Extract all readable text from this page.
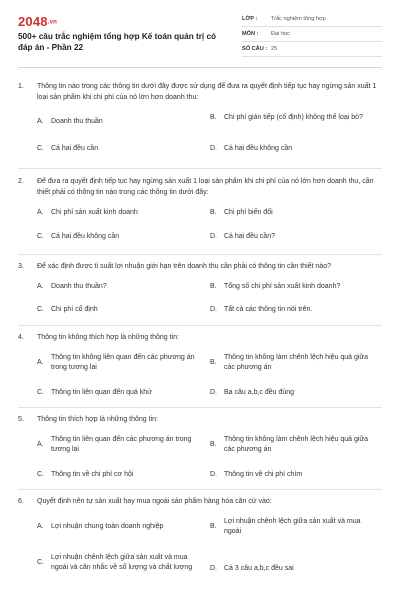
2048.vn
500+ câu trắc nghiệm tổng hợp Kế toán quản trị có đáp án - Phần 22
LỚP :	Trắc nghiệm tổng hợp
MÔN :	Đại học
SỐ CÂU : 25
1. Thông tin nào trong các thông tin dưới đây được sử dụng để đưa ra quyết định tiếp tục hay ngừng sản xuất 1 loại sản phẩm khi chi phí của nó lớn hơn doanh thu:
A.	Doanh thu thuần
B.	Chi phí gián tiếp (cố định) không thể loại bỏ?
C.	Cả hai đều cần	D.	Cả hai đều không cần
2. Để đưa ra quyết định tiếp tục hay ngừng sản xuất 1 loại sản phẩm khi chi phí của nó lớn hơn doanh thu, cần thiết phải có thông tin nào trong các thông tin dưới đây:
A.	Chi phí sản xuất kinh doanh	B.	Chi phí biến đổi
C.	Cả hai đều không cần	D.	Cả hai đều cần?
3. Để xác định được tỉ suất lợi nhuận giới hạn trên doanh thu cần phải có thông tin cần thiết nào?
A.	Doanh thu thuần?	B.	Tổng số chi phí sản xuất kinh doanh?
C.	Chi phí cố định	D.	Tất cả các thông tin nói trên.
4. Thông tin không thích hợp là những thông tin:
A.
Thông tin không liên quan đến các phương án trong tương lai
B.
Thông tin không làm chênh lệch hiệu quả giữa các phương án
C.	Thông tin liên quan đến quá khứ	D.	Ba câu a,b,c đều đúng
5. Thông tin thích hợp là những thông tin:
A.
Thông tin liên quan đến các phương án trong tương lai
B.
Thông tin không làm chênh lệch hiệu quả giữa các phương án
C.	Thông tin về chi phí cơ hội	D.	Thông tin về chi phí chìm
6. Quyết định nên tự sản xuất hay mua ngoài sản phẩm hàng hóa căn cứ vào:
A.	Lợi nhuận chung toàn doanh nghiệp	B.
Lợi nhuận chênh lệch giữa sản xuất và mua ngoài
C.
Lợi nhuận chênh lệch giữa sản xuất và mua ngoài và cân nhắc về số lượng và chất lượng	D.	Cả 3 câu a,b,c đều sai
